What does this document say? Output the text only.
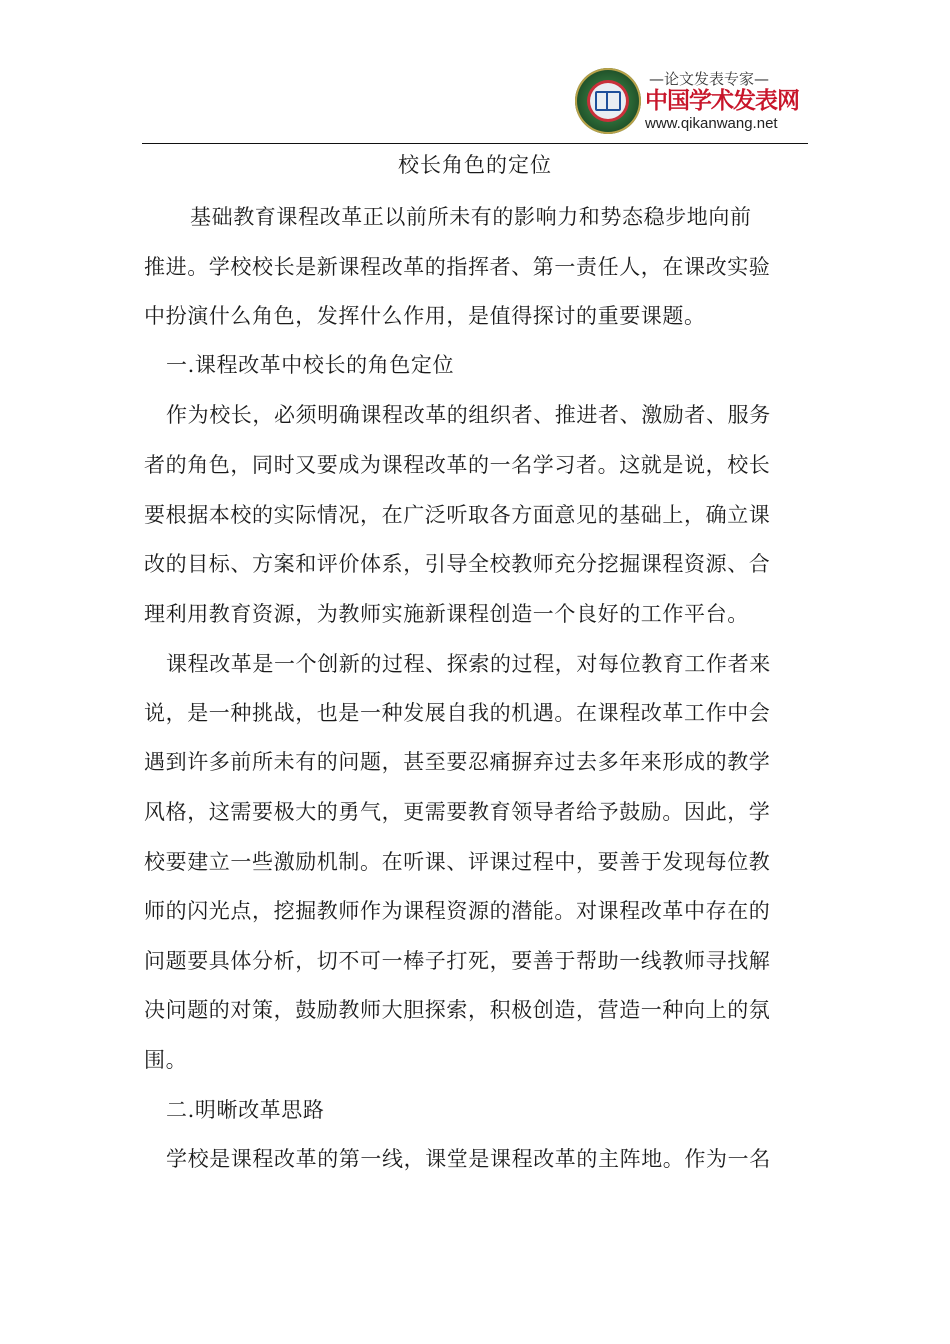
—论文发表专家—
中国学术发表网
www.qikanwang.net
校长角色的定位
基础教育课程改革正以前所未有的影响力和势态稳步地向前
推进。学校校长是新课程改革的指挥者、第一责任人，在课改实验
中扮演什么角色，发挥什么作用，是值得探讨的重要课题。
一.课程改革中校长的角色定位
作为校长，必须明确课程改革的组织者、推进者、激励者、服务
者的角色，同时又要成为课程改革的一名学习者。这就是说，校长
要根据本校的实际情况，在广泛听取各方面意见的基础上，确立课
改的目标、方案和评价体系，引导全校教师充分挖掘课程资源、合
理利用教育资源，为教师实施新课程创造一个良好的工作平台。
课程改革是一个创新的过程、探索的过程，对每位教育工作者来
说，是一种挑战，也是一种发展自我的机遇。在课程改革工作中会
遇到许多前所未有的问题，甚至要忍痛摒弃过去多年来形成的教学
风格，这需要极大的勇气，更需要教育领导者给予鼓励。因此，学
校要建立一些激励机制。在听课、评课过程中，要善于发现每位教
师的闪光点，挖掘教师作为课程资源的潜能。对课程改革中存在的
问题要具体分析，切不可一棒子打死，要善于帮助一线教师寻找解
决问题的对策，鼓励教师大胆探索，积极创造，营造一种向上的氛
围。
二.明晰改革思路
学校是课程改革的第一线，课堂是课程改革的主阵地。作为一名
